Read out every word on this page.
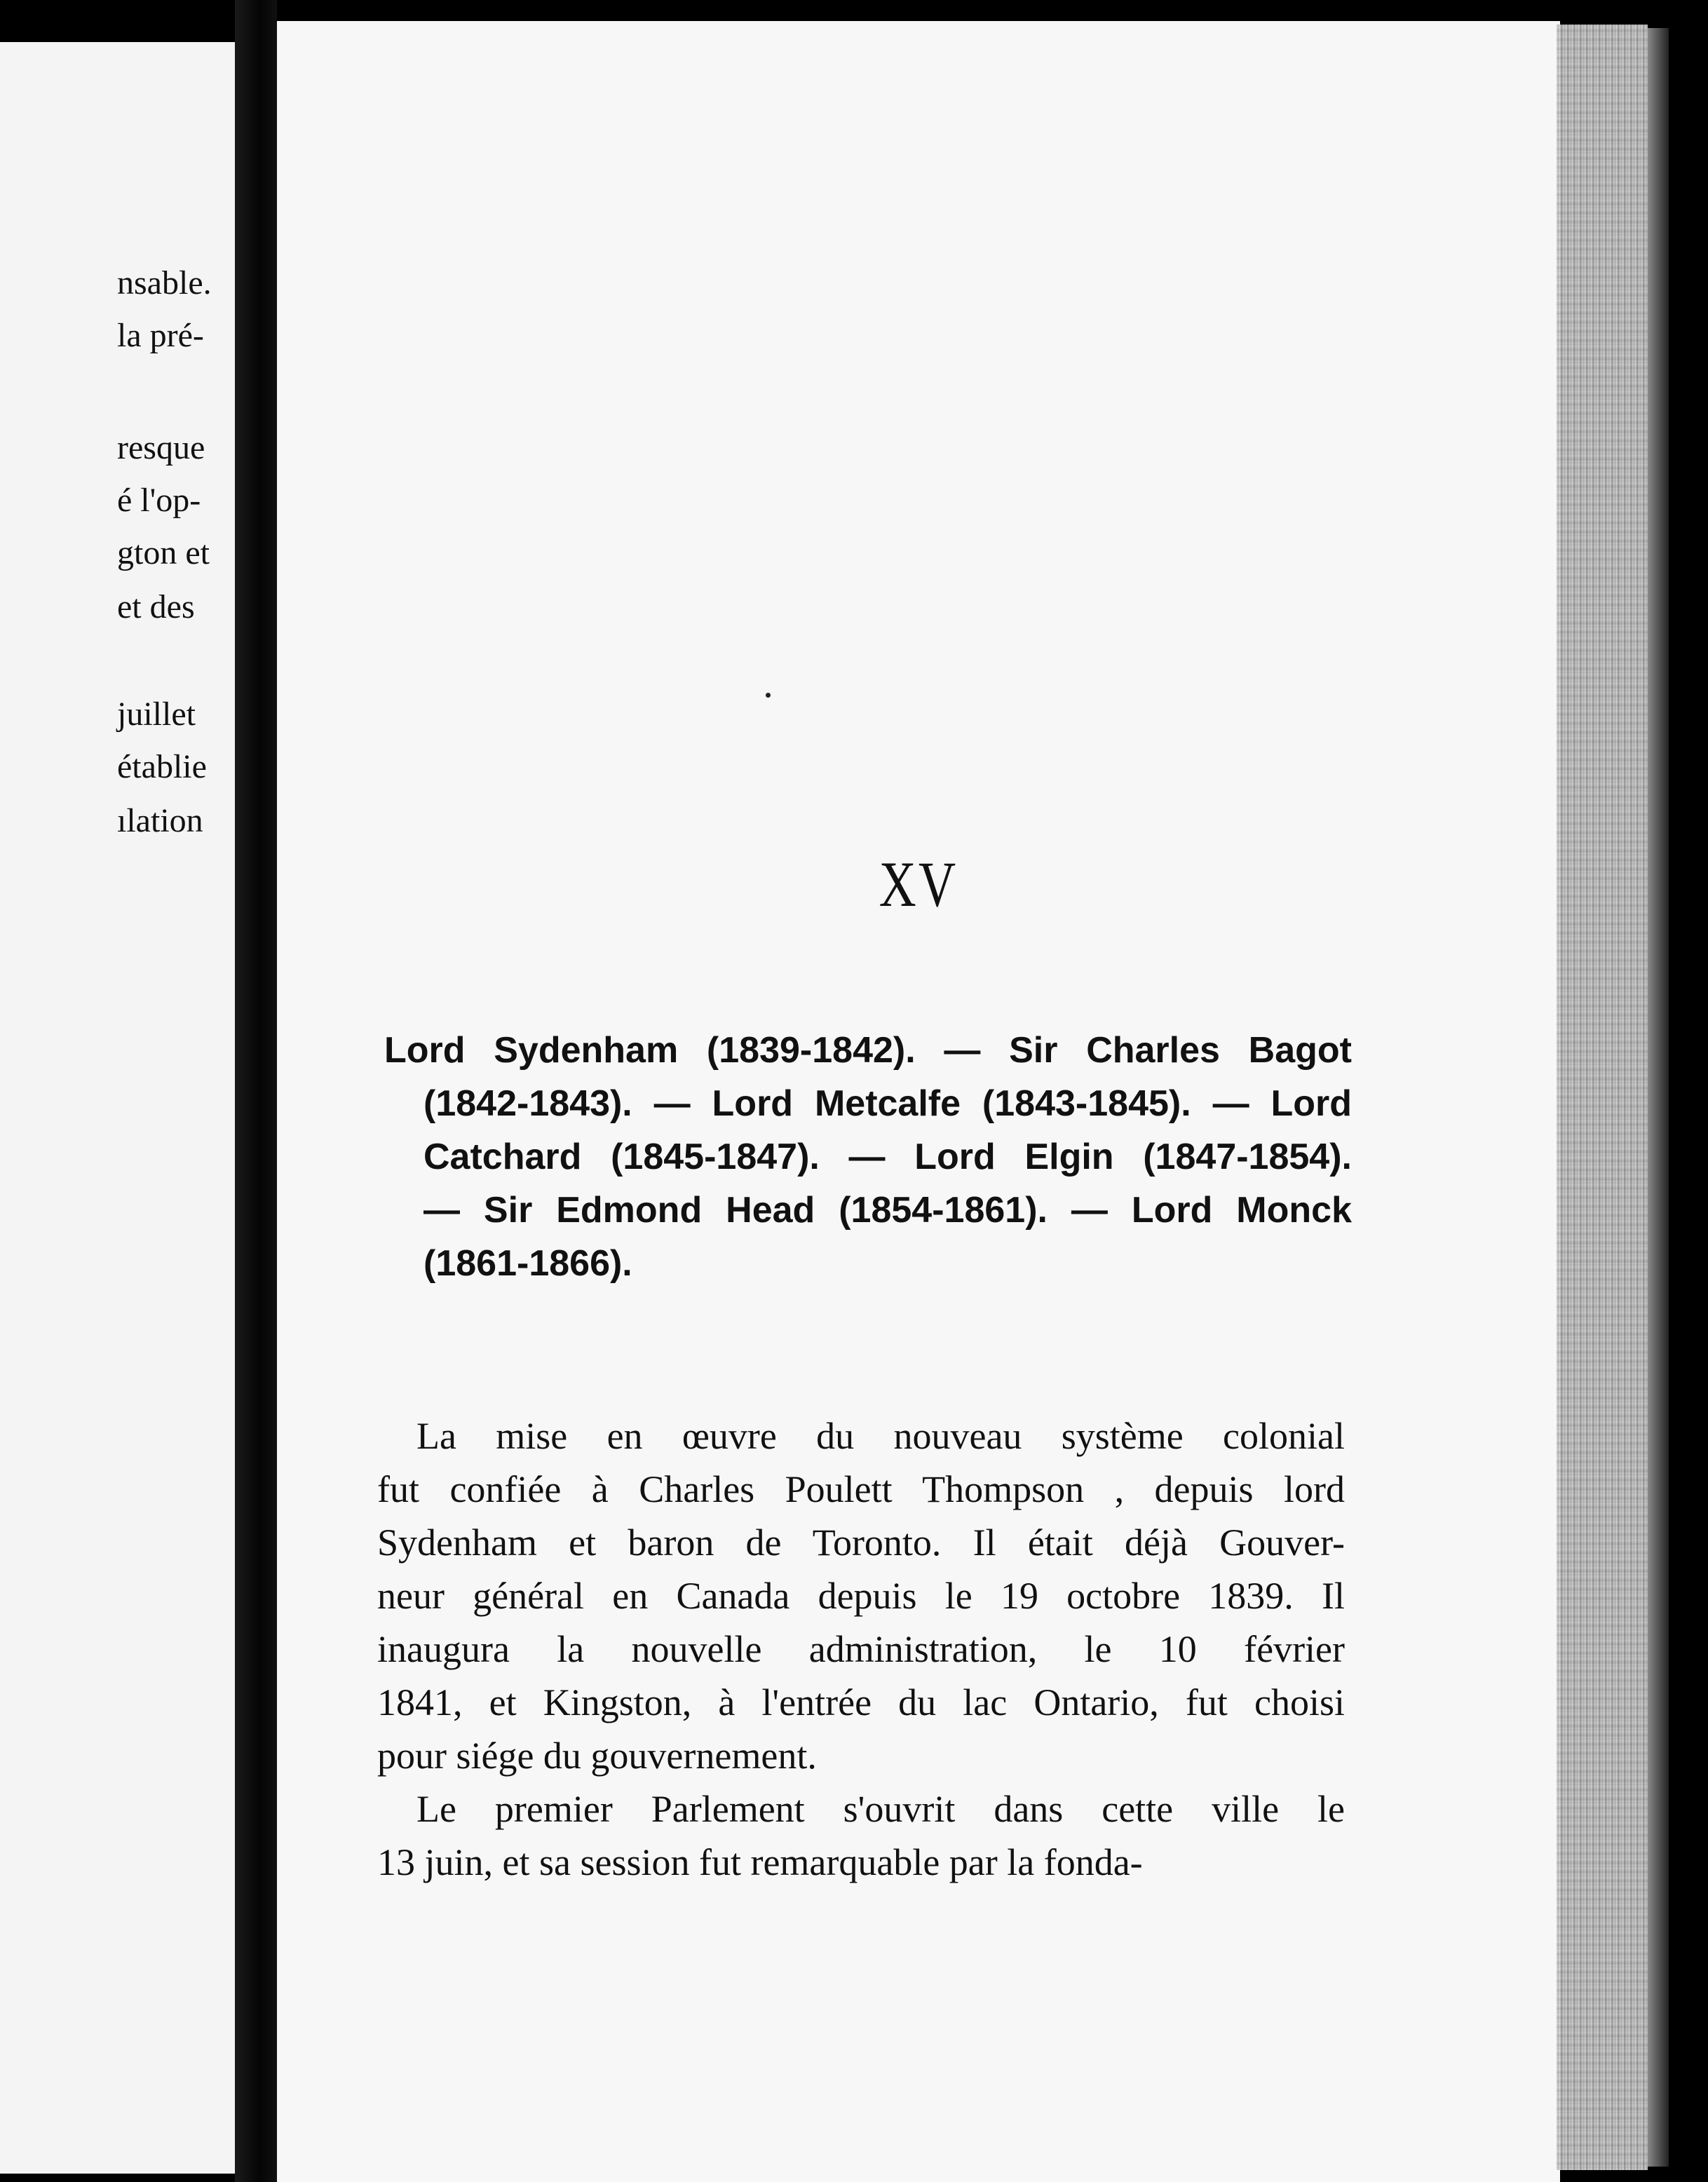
nsable.
la pré-
resque
é l'op-
gton et
et des
juillet
établie
ılation
XV
Lord Sydenham (1839-1842). — Sir Charles Bagot
(1842-1843). — Lord Metcalfe (1843-1845). — Lord
Catchard (1845-1847). — Lord Elgin (1847-1854).
— Sir Edmond Head (1854-1861). — Lord Monck
(1861-1866).
La mise en œuvre du nouveau système colonial
fut confiée à Charles Poulett Thompson , depuis lord
Sydenham et baron de Toronto. Il était déjà Gouver-
neur général en Canada depuis le 19 octobre 1839. Il
inaugura la nouvelle administration, le 10 février
1841, et Kingston, à l'entrée du lac Ontario, fut choisi
pour siége du gouvernement.
Le premier Parlement s'ouvrit dans cette ville le
13 juin, et sa session fut remarquable par la fonda-
